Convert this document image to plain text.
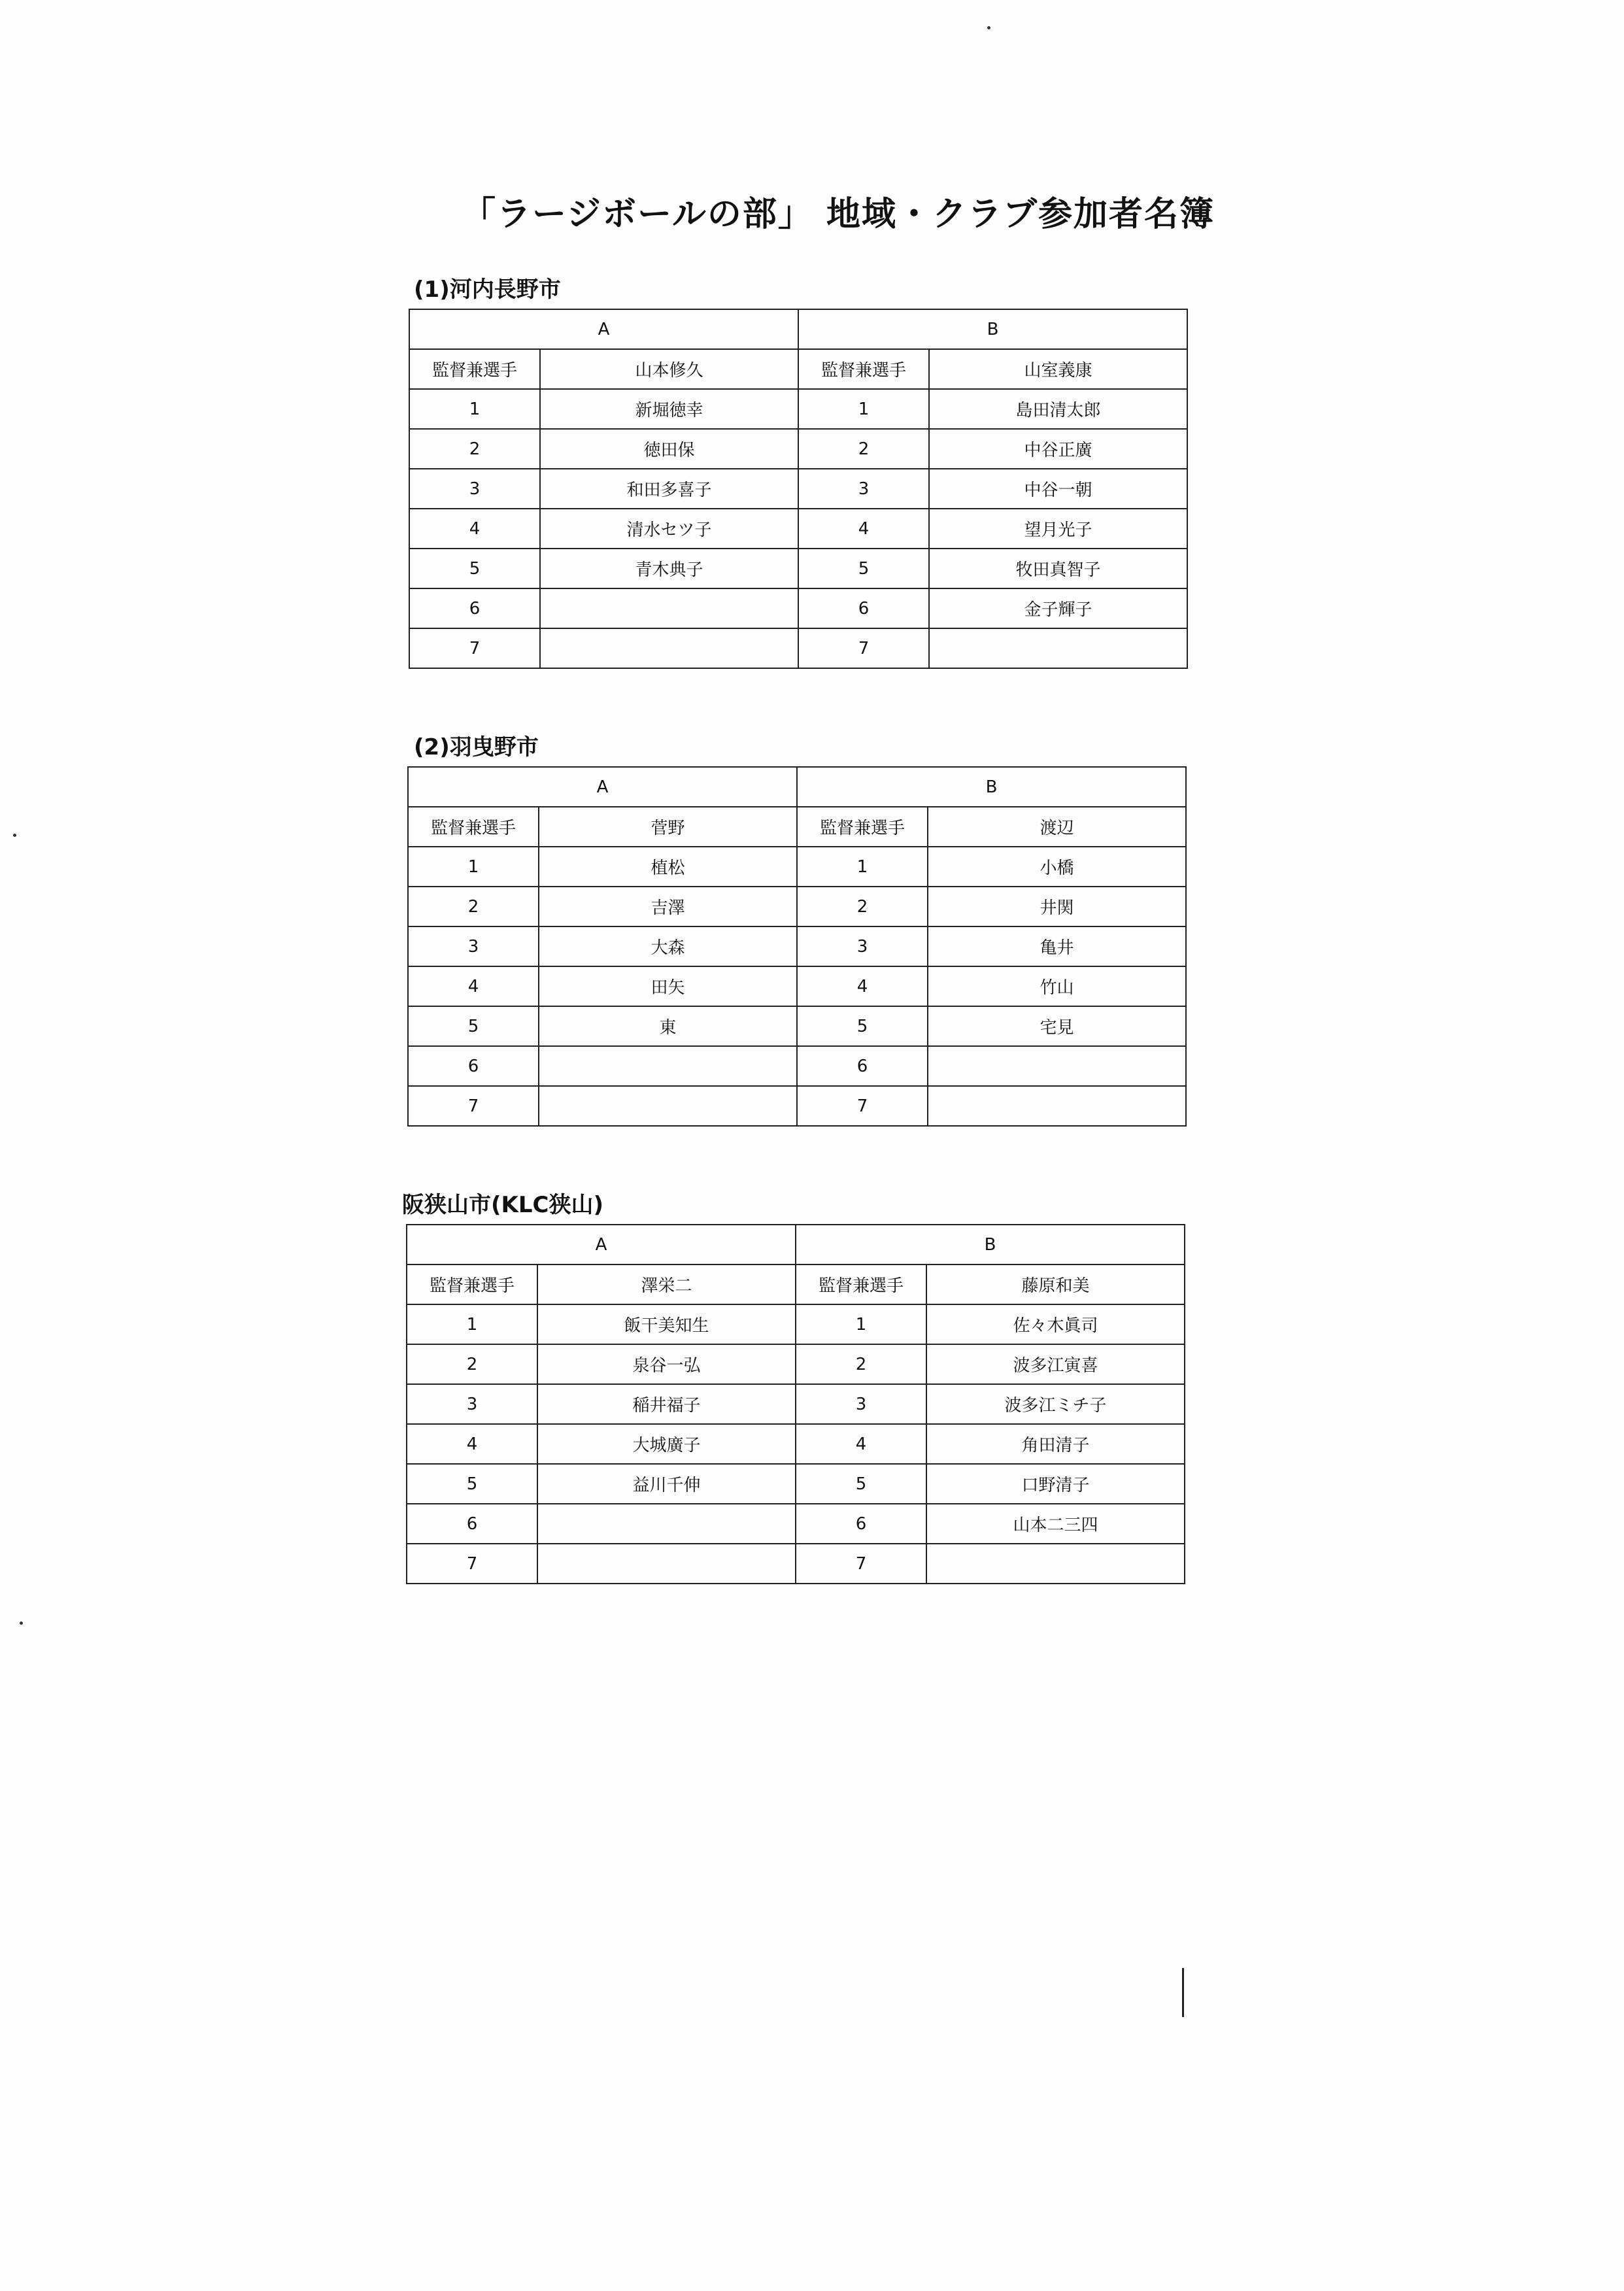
「ラージボールの部」 地域・クラブ参加者名簿
(1)河内長野市
A		B	
監督兼選手	山本修久	監督兼選手	山室義康
1	新堀徳幸	1	島田清太郎
2	徳田保	2	中谷正廣
3	和田多喜子	3	中谷一朝
4	清水セツ子	4	望月光子
5	青木典子	5	牧田真智子
6		6	金子輝子
7		7	
(2)羽曳野市
A		B	
監督兼選手	菅野	監督兼選手	渡辺
1	植松	1	小橋
2	吉澤	2	井関
3	大森	3	亀井
4	田矢	4	竹山
5	東	5	宅見
6		6	
7		7	
阪狭山市(KLC狭山)
A		B	
監督兼選手	澤栄二	監督兼選手	藤原和美
1	飯干美知生	1	佐々木眞司
2	泉谷一弘	2	波多江寅喜
3	稲井福子	3	波多江ミチ子
4	大城廣子	4	角田清子
5	益川千伸	5	口野清子
6		6	山本二三四
7		7	
